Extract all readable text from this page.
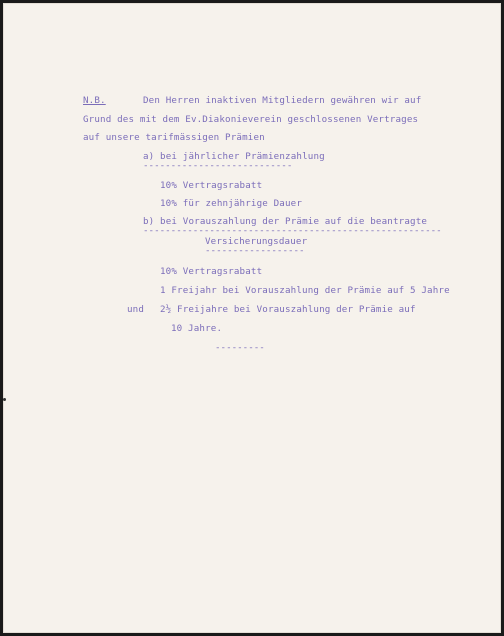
N.B.	Den Herren inaktiven Mitgliedern gewähren wir auf
Grund des mit dem Ev.Diakonieverein geschlossenen Vertrages
auf unsere tarifmässigen Prämien
a) bei jährlicher Prämienzahlung
---------------------------
10% Vertragsrabatt
10% für zehnjährige Dauer
b) bei Vorauszahlung der Prämie auf die beantragte
------------------------------------------------------
Versicherungsdauer
------------------
10% Vertragsrabatt
1 Freijahr bei Vorauszahlung der Prämie auf 5 Jahre
und 2½ Freijahre bei Vorauszahlung der Prämie auf
10 Jahre.
---------
